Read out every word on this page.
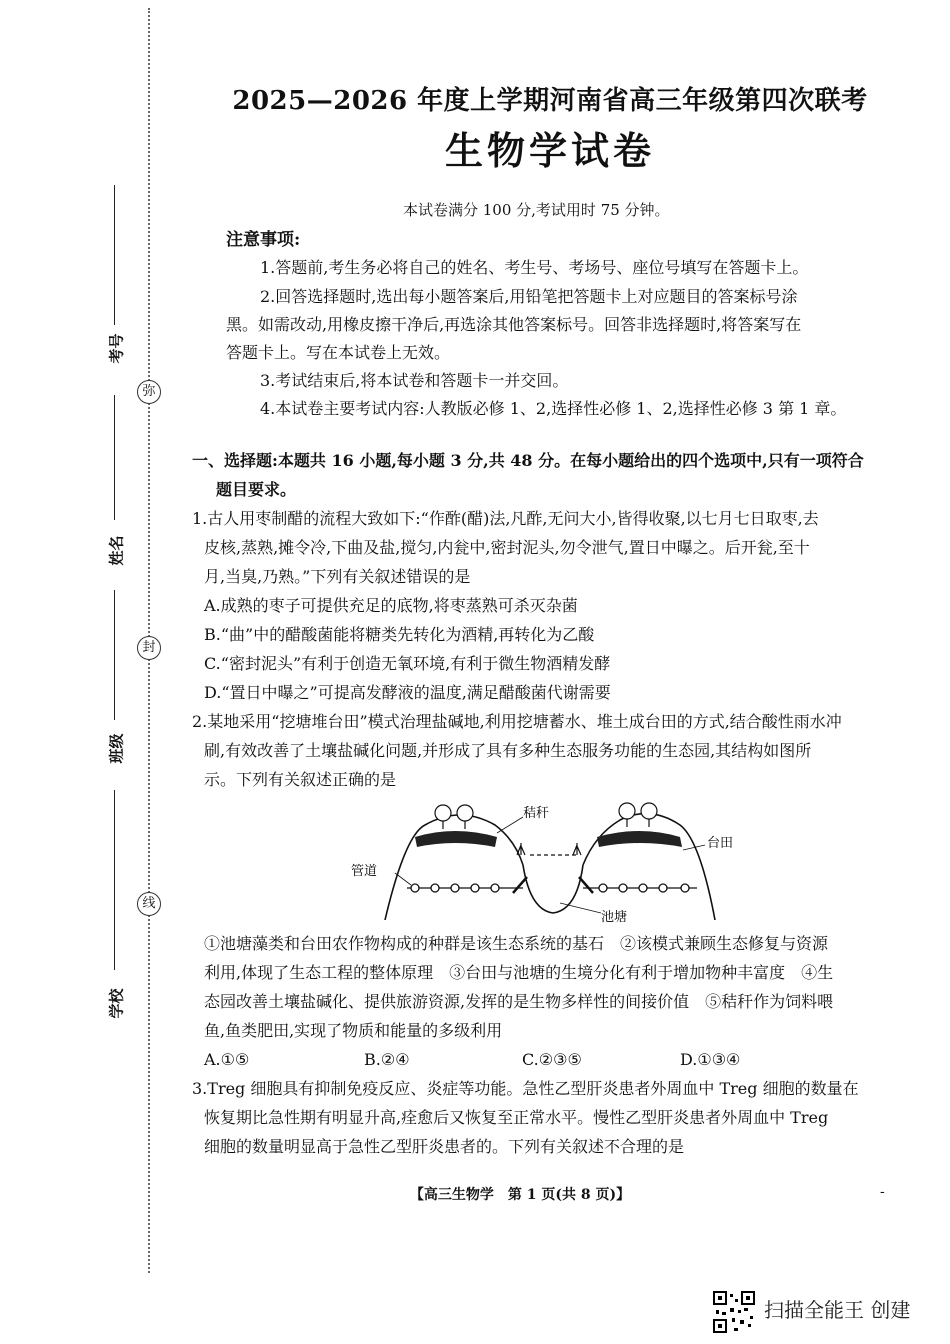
弥
封
线
考号
姓名
班级
学校
2025—2026 年度上学期河南省高三年级第四次联考
生物学试卷
本试卷满分 100 分,考试用时 75 分钟。
注意事项:
1.答题前,考生务必将自己的姓名、考生号、考场号、座位号填写在答题卡上。
2.回答选择题时,选出每小题答案后,用铅笔把答题卡上对应题目的答案标号涂
黑。如需改动,用橡皮擦干净后,再选涂其他答案标号。回答非选择题时,将答案写在
答题卡上。写在本试卷上无效。
3.考试结束后,将本试卷和答题卡一并交回。
4.本试卷主要考试内容:人教版必修 1、2,选择性必修 1、2,选择性必修 3 第 1 章。
一、选择题:本题共 16 小题,每小题 3 分,共 48 分。在每小题给出的四个选项中,只有一项符合
题目要求。
1.古人用枣制醋的流程大致如下:“作酢(醋)法,凡酢,无问大小,皆得收聚,以七月七日取枣,去
皮核,蒸熟,摊令冷,下曲及盐,搅匀,内瓮中,密封泥头,勿令泄气,置日中曝之。后开瓮,至十
月,当臭,乃熟。”下列有关叙述错误的是
A.成熟的枣子可提供充足的底物,将枣蒸熟可杀灭杂菌
B.“曲”中的醋酸菌能将糖类先转化为酒精,再转化为乙酸
C.“密封泥头”有利于创造无氧环境,有利于微生物酒精发酵
D.“置日中曝之”可提高发酵液的温度,满足醋酸菌代谢需要
2.某地采用“挖塘堆台田”模式治理盐碱地,利用挖塘蓄水、堆土成台田的方式,结合酸性雨水冲
刷,有效改善了土壤盐碱化问题,并形成了具有多种生态服务功能的生态园,其结构如图所
示。下列有关叙述正确的是
秸秆
台田
管道
池塘
①池塘藻类和台田农作物构成的种群是该生态系统的基石　②该模式兼顾生态修复与资源
利用,体现了生态工程的整体原理　③台田与池塘的生境分化有利于增加物种丰富度　④生
态园改善土壤盐碱化、提供旅游资源,发挥的是生物多样性的间接价值　⑤秸秆作为饲料喂
鱼,鱼类肥田,实现了物质和能量的多级利用
A.①⑤	B.②④	C.②③⑤	D.①③④
3.Treg 细胞具有抑制免疫反应、炎症等功能。急性乙型肝炎患者外周血中 Treg 细胞的数量在
恢复期比急性期有明显升高,痊愈后又恢复至正常水平。慢性乙型肝炎患者外周血中 Treg
细胞的数量明显高于急性乙型肝炎患者的。下列有关叙述不合理的是
【高三生物学　第 1 页(共 8 页)】	-
扫描全能王 创建
